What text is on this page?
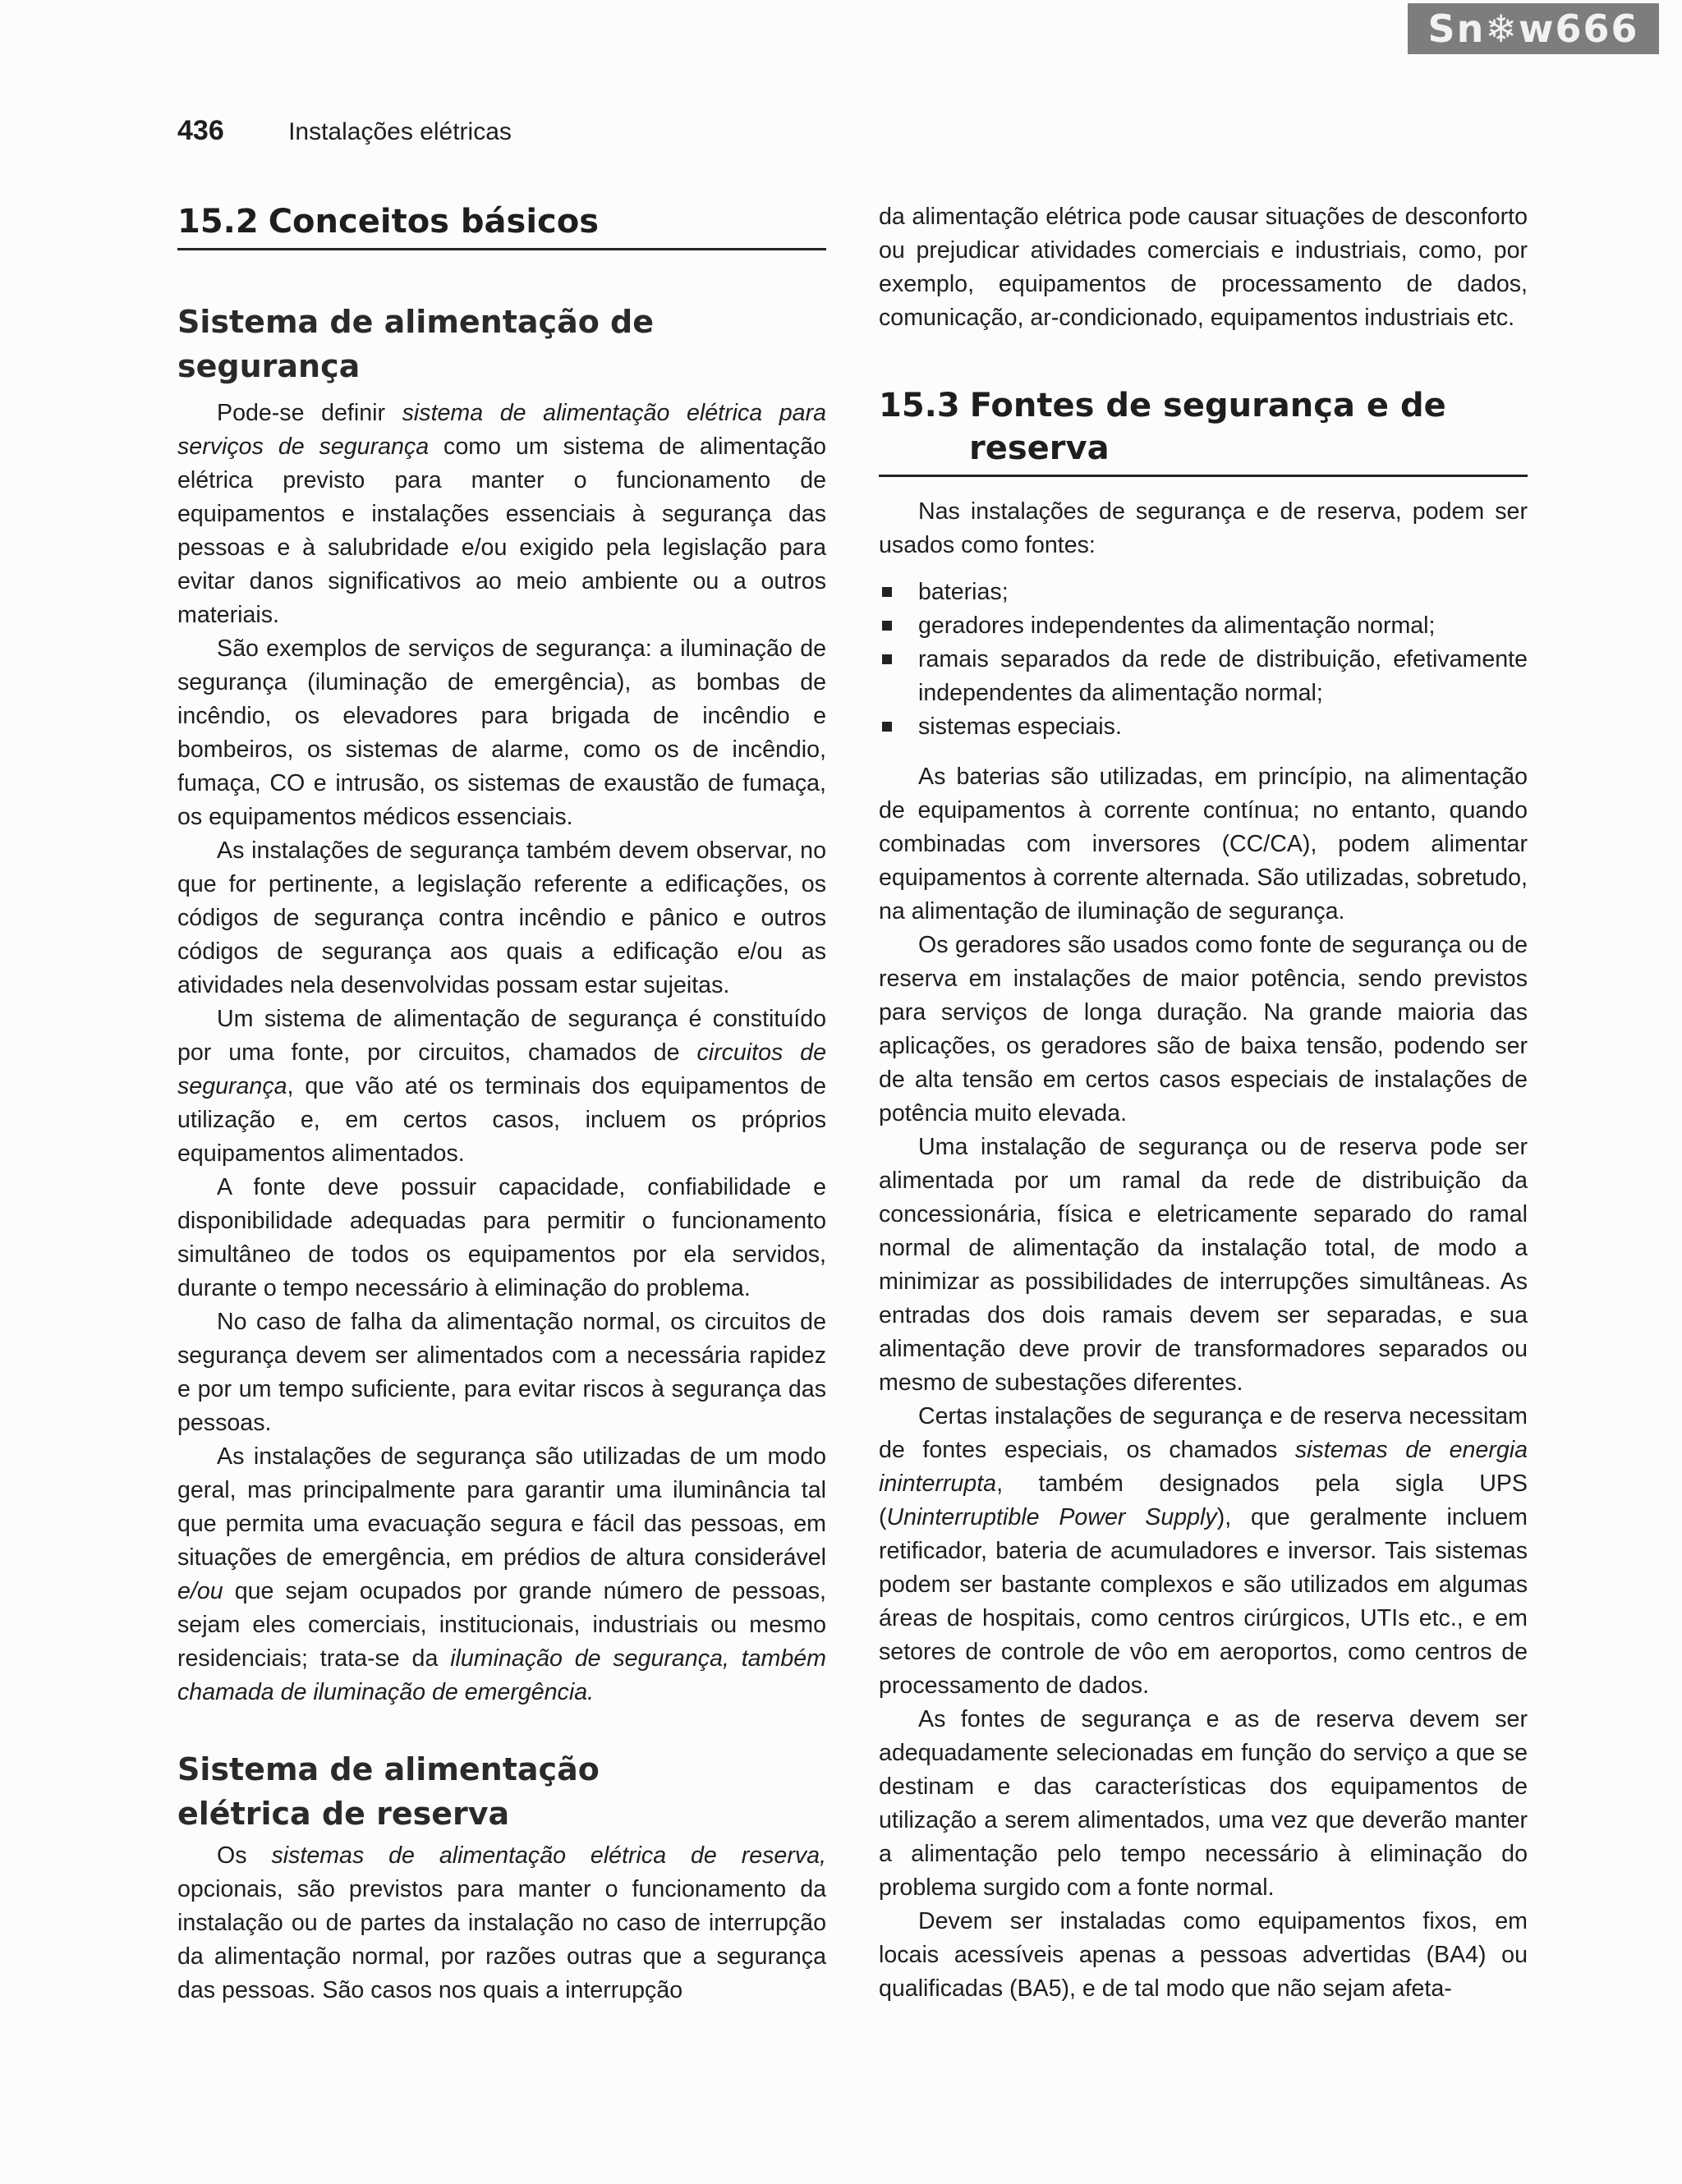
Sn❄w666
436	Instalações elétricas
15.2 Conceitos básicos
Sistema de alimentação de
segurança

Pode-se definir sistema de alimentação elétrica para serviços de segurança como um sistema de alimentação elétrica previsto para manter o funcionamento de equipamentos e instalações essenciais à segurança das pessoas e à salubridade e/ou exigido pela legislação para evitar danos significativos ao meio ambiente ou a outros materiais.

São exemplos de serviços de segurança: a iluminação de segurança (iluminação de emergência), as bombas de incêndio, os elevadores para brigada de incêndio e bombeiros, os sistemas de alarme, como os de incêndio, fumaça, CO e intrusão, os sistemas de exaustão de fumaça, os equipamentos médicos essenciais.

As instalações de segurança também devem observar, no que for pertinente, a legislação referente a edificações, os códigos de segurança contra incêndio e pânico e outros códigos de segurança aos quais a edificação e/ou as atividades nela desenvolvidas possam estar sujeitas.

Um sistema de alimentação de segurança é constituído por uma fonte, por circuitos, chamados de circuitos de segurança, que vão até os terminais dos equipamentos de utilização e, em certos casos, incluem os próprios equipamentos alimentados.

A fonte deve possuir capacidade, confiabilidade e disponibilidade adequadas para permitir o funcionamento simultâneo de todos os equipamentos por ela servidos, durante o tempo necessário à eliminação do problema.

No caso de falha da alimentação normal, os circuitos de segurança devem ser alimentados com a necessária rapidez e por um tempo suficiente, para evitar riscos à segurança das pessoas.

As instalações de segurança são utilizadas de um modo geral, mas principalmente para garantir uma iluminância tal que permita uma evacuação segura e fácil das pessoas, em situações de emergência, em prédios de altura considerável e/ou que sejam ocupados por grande número de pessoas, sejam eles comerciais, institucionais, industriais ou mesmo residenciais; trata-se da iluminação de segurança, também chamada de iluminação de emergência.

Sistema de alimentação
elétrica de reserva

Os sistemas de alimentação elétrica de reserva, opcionais, são previstos para manter o funcionamento da instalação ou de partes da instalação no caso de interrupção da alimentação normal, por razões outras que a segurança das pessoas. São casos nos quais a interrupção

da alimentação elétrica pode causar situações de desconforto ou prejudicar atividades comerciais e industriais, como, por exemplo, equipamentos de processamento de dados, comunicação, ar-condicionado, equipamentos industriais etc.

15.3 Fontes de segurança e de
reserva

Nas instalações de segurança e de reserva, podem ser usados como fontes:

baterias;
geradores independentes da alimentação normal;
ramais separados da rede de distribuição, efetivamente independentes da alimentação normal;
sistemas especiais.

As baterias são utilizadas, em princípio, na alimentação de equipamentos à corrente contínua; no entanto, quando combinadas com inversores (CC/CA), podem alimentar equipamentos à corrente alternada. São utilizadas, sobretudo, na alimentação de iluminação de segurança.

Os geradores são usados como fonte de segurança ou de reserva em instalações de maior potência, sendo previstos para serviços de longa duração. Na grande maioria das aplicações, os geradores são de baixa tensão, podendo ser de alta tensão em certos casos especiais de instalações de potência muito elevada.

Uma instalação de segurança ou de reserva pode ser alimentada por um ramal da rede de distribuição da concessionária, física e eletricamente separado do ramal normal de alimentação da instalação total, de modo a minimizar as possibilidades de interrupções simultâneas. As entradas dos dois ramais devem ser separadas, e sua alimentação deve provir de transformadores separados ou mesmo de subestações diferentes.

Certas instalações de segurança e de reserva necessitam de fontes especiais, os chamados sistemas de energia ininterrupta, também designados pela sigla UPS (Uninterruptible Power Supply), que geralmente incluem retificador, bateria de acumuladores e inversor. Tais sistemas podem ser bastante complexos e são utilizados em algumas áreas de hospitais, como centros cirúrgicos, UTIs etc., e em setores de controle de vôo em aeroportos, como centros de processamento de dados.

As fontes de segurança e as de reserva devem ser adequadamente selecionadas em função do serviço a que se destinam e das características dos equipamentos de utilização a serem alimentados, uma vez que deverão manter a alimentação pelo tempo necessário à eliminação do problema surgido com a fonte normal.

Devem ser instaladas como equipamentos fixos, em locais acessíveis apenas a pessoas advertidas (BA4) ou qualificadas (BA5), e de tal modo que não sejam afeta-
